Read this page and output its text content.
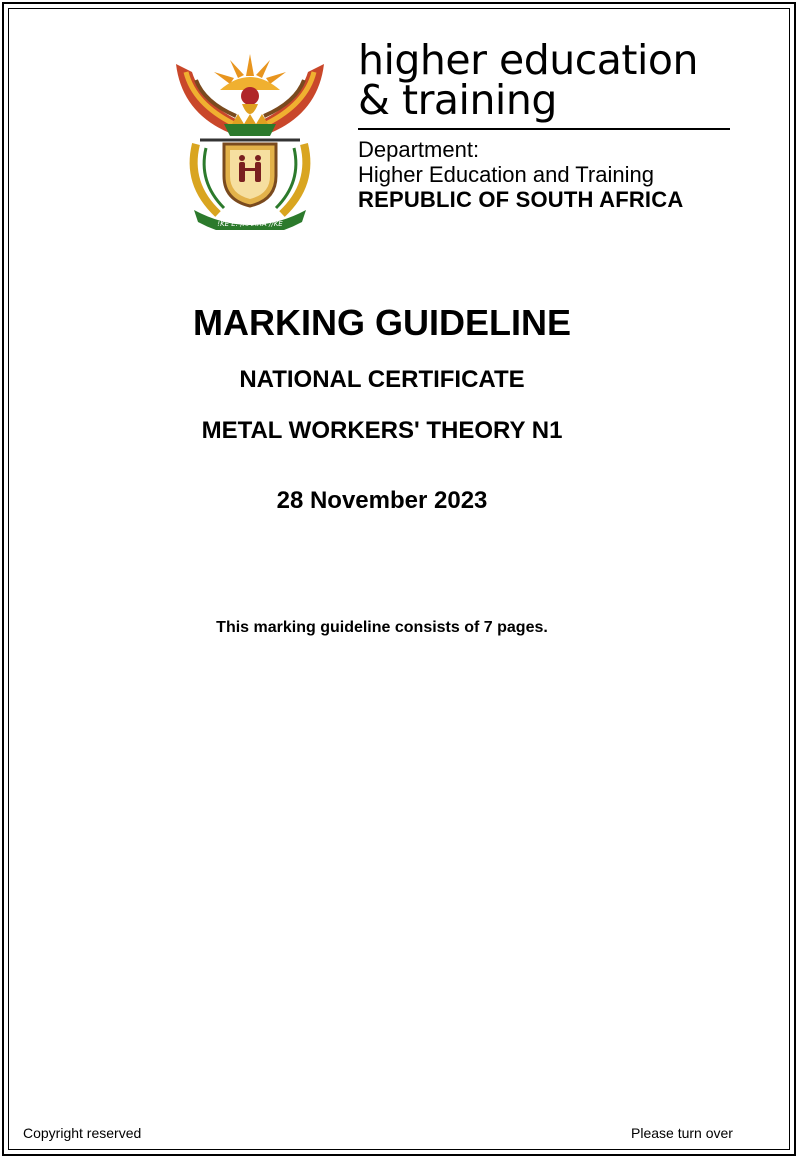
!KE E: /XARRA //KE
higher education
& training
Department:
Higher Education and Training
REPUBLIC OF SOUTH AFRICA
MARKING GUIDELINE
NATIONAL CERTIFICATE
METAL WORKERS' THEORY N1
28 November 2023
This marking guideline consists of 7 pages.
Copyright reserved	Please turn over
